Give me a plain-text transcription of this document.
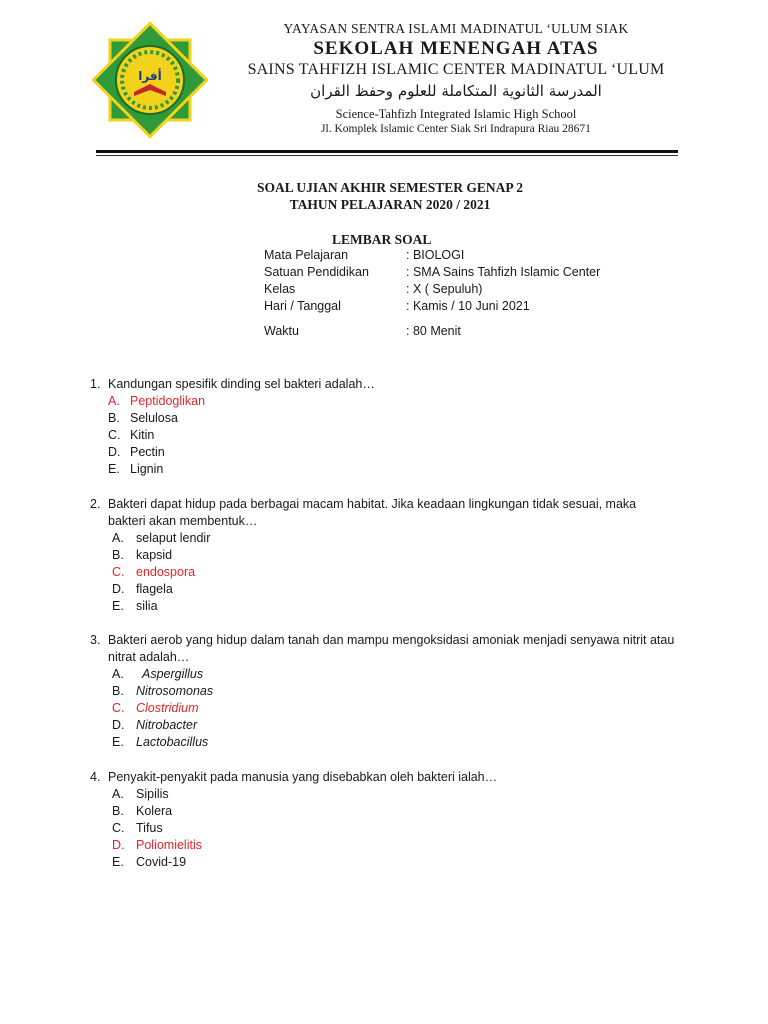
أفرا
YAYASAN SENTRA ISLAMI MADINATUL ‘ULUM SIAK
SEKOLAH MENENGAH ATAS
SAINS TAHFIZH ISLAMIC CENTER MADINATUL ‘ULUM
المدرسة الثانوية المتكاملة للعلوم وحفظ القران
Science-Tahfizh Integrated Islamic High School
Jl. Komplek Islamic Center Siak Sri Indrapura Riau 28671
SOAL UJIAN AKHIR SEMESTER GENAP 2
TAHUN PELAJARAN 2020 / 2021
LEMBAR SOAL
Mata Pelajaran	: BIOLOGI
Satuan Pendidikan	: SMA Sains Tahfizh Islamic Center
Kelas	: X ( Sepuluh)
Hari / Tanggal	: Kamis / 10 Juni 2021
Waktu	: 80 Menit
1. Kandungan spesifik dinding sel bakteri adalah…
A. Peptidoglikan
B. Selulosa
C. Kitin
D. Pectin
E. Lignin
2. Bakteri dapat hidup pada berbagai macam habitat. Jika keadaan lingkungan tidak sesuai, maka bakteri akan membentuk…
A. selaput lendir
B. kapsid
C. endospora
D. flagela
E. silia
3. Bakteri aerob yang hidup dalam tanah dan mampu mengoksidasi amoniak menjadi senyawa nitrit atau nitrat adalah…
A. Aspergillus
B. Nitrosomonas
C. Clostridium
D. Nitrobacter
E. Lactobacillus
4. Penyakit-penyakit pada manusia yang disebabkan oleh bakteri ialah…
A. Sipilis
B. Kolera
C. Tifus
D. Poliomielitis
E. Covid-19
